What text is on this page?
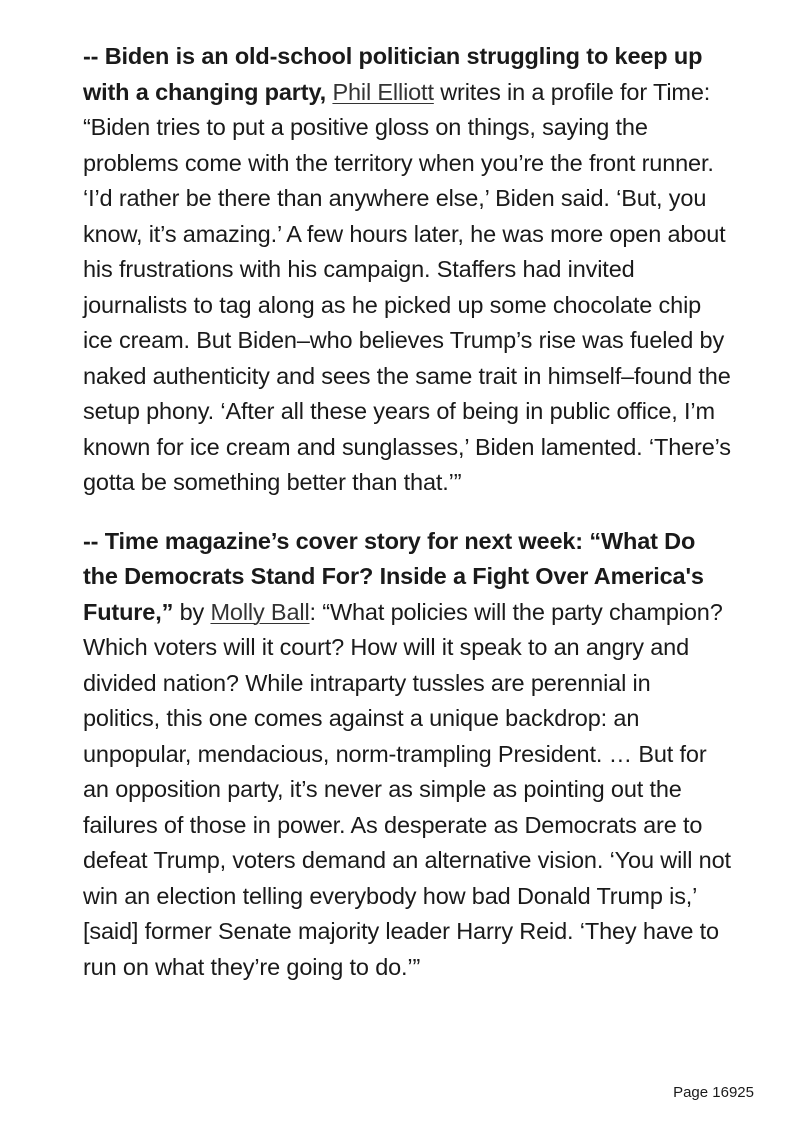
-- Biden is an old-school politician struggling to keep up with a changing party, Phil Elliott writes in a profile for Time: “Biden tries to put a positive gloss on things, saying the problems come with the territory when you’re the front runner. ‘I’d rather be there than anywhere else,’ Biden said. ‘But, you know, it’s amazing.’ A few hours later, he was more open about his frustrations with his campaign. Staffers had invited journalists to tag along as he picked up some chocolate chip ice cream. But Biden–who believes Trump’s rise was fueled by naked authenticity and sees the same trait in himself–found the setup phony. ‘After all these years of being in public office, I’m known for ice cream and sunglasses,’ Biden lamented. ‘There’s gotta be something better than that.’”

-- Time magazine’s cover story for next week: “What Do the Democrats Stand For? Inside a Fight Over America's Future,” by Molly Ball: “What policies will the party champion? Which voters will it court? How will it speak to an angry and divided nation? While intraparty tussles are perennial in politics, this one comes against a unique backdrop: an unpopular, mendacious, norm-trampling President. … But for an opposition party, it’s never as simple as pointing out the failures of those in power. As desperate as Democrats are to defeat Trump, voters demand an alternative vision. ‘You will not win an election telling everybody how bad Donald Trump is,’ [said] former Senate majority leader Harry Reid. ‘They have to run on what they’re going to do.’”

Page 16925
